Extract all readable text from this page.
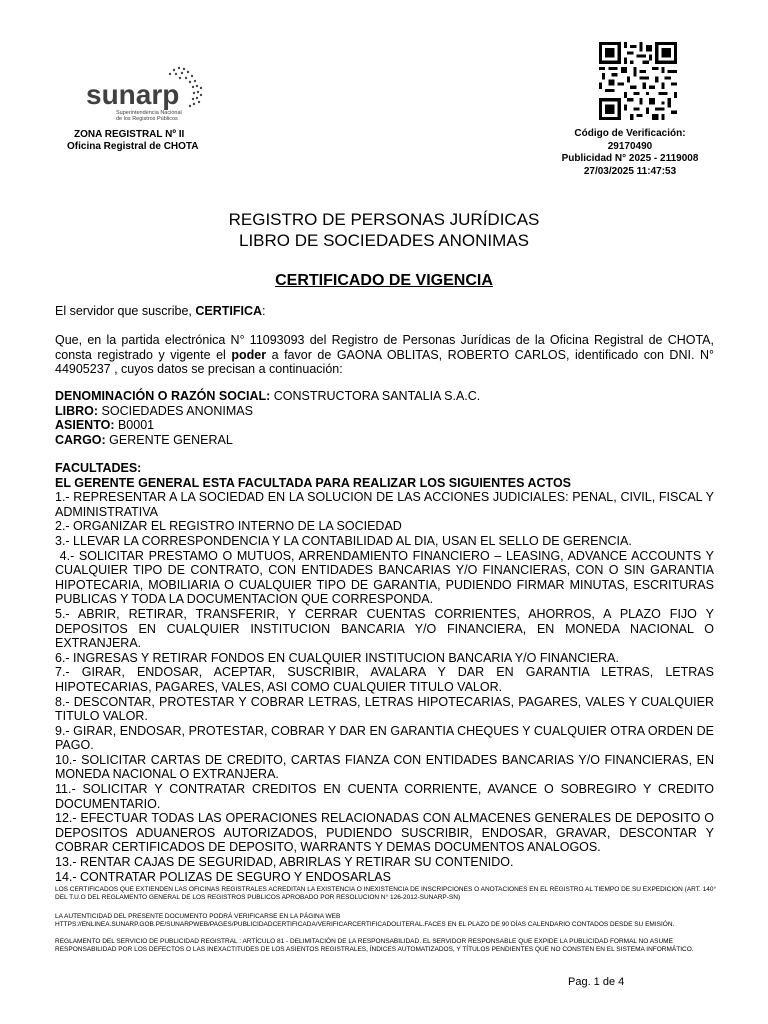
sunarp
Superintendencia Nacional
de los Registros Públicos
ZONA REGISTRAL Nº II
Oficina Registral de CHOTA
Código de Verificación:
29170490
Publicidad N° 2025 - 2119008
27/03/2025 11:47:53
REGISTRO DE PERSONAS JURÍDICAS
LIBRO DE SOCIEDADES ANONIMAS
CERTIFICADO DE VIGENCIA
El servidor que suscribe, CERTIFICA:
Que, en la partida electrónica N° 11093093 del Registro de Personas Jurídicas de la Oficina Registral de CHOTA, consta registrado y vigente el poder a favor de GAONA OBLITAS, ROBERTO CARLOS, identificado con DNI. N° 44905237 , cuyos datos se precisan a continuación:
DENOMINACIÓN O RAZÓN SOCIAL: CONSTRUCTORA SANTALIA S.A.C.
LIBRO: SOCIEDADES ANONIMAS
ASIENTO: B0001
CARGO: GERENTE GENERAL
FACULTADES:
EL GERENTE GENERAL ESTA FACULTADA PARA REALIZAR LOS SIGUIENTES ACTOS
1.- REPRESENTAR A LA SOCIEDAD EN LA SOLUCION DE LAS ACCIONES JUDICIALES: PENAL, CIVIL, FISCAL Y ADMINISTRATIVA
2.- ORGANIZAR EL REGISTRO INTERNO DE LA SOCIEDAD
3.- LLEVAR LA CORRESPONDENCIA Y LA CONTABILIDAD AL DIA, USAN EL SELLO DE GERENCIA.
4.- SOLICITAR PRESTAMO O MUTUOS, ARRENDAMIENTO FINANCIERO – LEASING, ADVANCE ACCOUNTS Y CUALQUIER TIPO DE CONTRATO, CON ENTIDADES BANCARIAS Y/O FINANCIERAS, CON O SIN GARANTIA HIPOTECARIA, MOBILIARIA O CUALQUIER TIPO DE GARANTIA, PUDIENDO FIRMAR MINUTAS, ESCRITURAS PUBLICAS Y TODA LA DOCUMENTACION QUE CORRESPONDA.
5.- ABRIR, RETIRAR, TRANSFERIR, Y CERRAR CUENTAS CORRIENTES, AHORROS, A PLAZO FIJO Y DEPOSITOS EN CUALQUIER INSTITUCION BANCARIA Y/O FINANCIERA, EN MONEDA NACIONAL O EXTRANJERA.
6.- INGRESAS Y RETIRAR FONDOS EN CUALQUIER INSTITUCION BANCARIA Y/O FINANCIERA.
7.- GIRAR, ENDOSAR, ACEPTAR, SUSCRIBIR, AVALARA Y DAR EN GARANTIA LETRAS, LETRAS HIPOTECARIAS, PAGARES, VALES, ASI COMO CUALQUIER TITULO VALOR.
8.- DESCONTAR, PROTESTAR Y COBRAR LETRAS, LETRAS HIPOTECARIAS, PAGARES, VALES Y CUALQUIER TITULO VALOR.
9.- GIRAR, ENDOSAR, PROTESTAR, COBRAR Y DAR EN GARANTIA CHEQUES Y CUALQUIER OTRA ORDEN DE PAGO.
10.- SOLICITAR CARTAS DE CREDITO, CARTAS FIANZA CON ENTIDADES BANCARIAS Y/O FINANCIERAS, EN MONEDA NACIONAL O EXTRANJERA.
11.- SOLICITAR Y CONTRATAR CREDITOS EN CUENTA CORRIENTE, AVANCE O SOBREGIRO Y CREDITO DOCUMENTARIO.
12.- EFECTUAR TODAS LAS OPERACIONES RELACIONADAS CON ALMACENES GENERALES DE DEPOSITO O DEPOSITOS ADUANEROS AUTORIZADOS, PUDIENDO SUSCRIBIR, ENDOSAR, GRAVAR, DESCONTAR Y COBRAR CERTIFICADOS DE DEPOSITO, WARRANTS Y DEMAS DOCUMENTOS ANALOGOS.
13.- RENTAR CAJAS DE SEGURIDAD, ABRIRLAS Y RETIRAR SU CONTENIDO.
14.- CONTRATAR POLIZAS DE SEGURO Y ENDOSARLAS
LOS CERTIFICADOS QUE EXTIENDEN LAS OFICINAS REGISTRALES ACREDITAN LA EXISTENCIA O INEXISTENCIA DE INSCRIPCIONES O ANOTACIONES EN EL REGISTRO AL TIEMPO DE SU EXPEDICION (ART. 140° DEL T.U.O DEL REGLAMENTO GENERAL DE LOS REGISTROS PUBLICOS APROBADO POR RESOLUCION N° 126-2012-SUNARP-SN)
LA AUTENTICIDAD DEL PRESENTE DOCUMENTO PODRÁ VERIFICARSE EN LA PÁGINA WEB HTTPS://ENLINEA.SUNARP.GOB.PE/SUNARPWEB/PAGES/PUBLICIDADCERTIFICADA/VERIFICARCERTIFICADOLITERAL.FACES EN EL PLAZO DE 90 DÍAS CALENDARIO CONTADOS DESDE SU EMISIÓN.
REGLAMENTO DEL SERVICIO DE PUBLICIDAD REGISTRAL : ARTÍCULO 81 - DELIMITACIÓN DE LA RESPONSABILIDAD. EL SERVIDOR RESPONSABLE QUE EXPIDE LA PUBLICIDAD FORMAL NO ASUME RESPONSABILIDAD POR LOS DEFECTOS O LAS INEXACTITUDES DE LOS ASIENTOS REGISTRALES, ÍNDICES AUTOMATIZADOS, Y TÍTULOS PENDIENTES QUE NO CONSTEN EN EL SISTEMA INFORMÁTICO.
Pag. 1 de 4
